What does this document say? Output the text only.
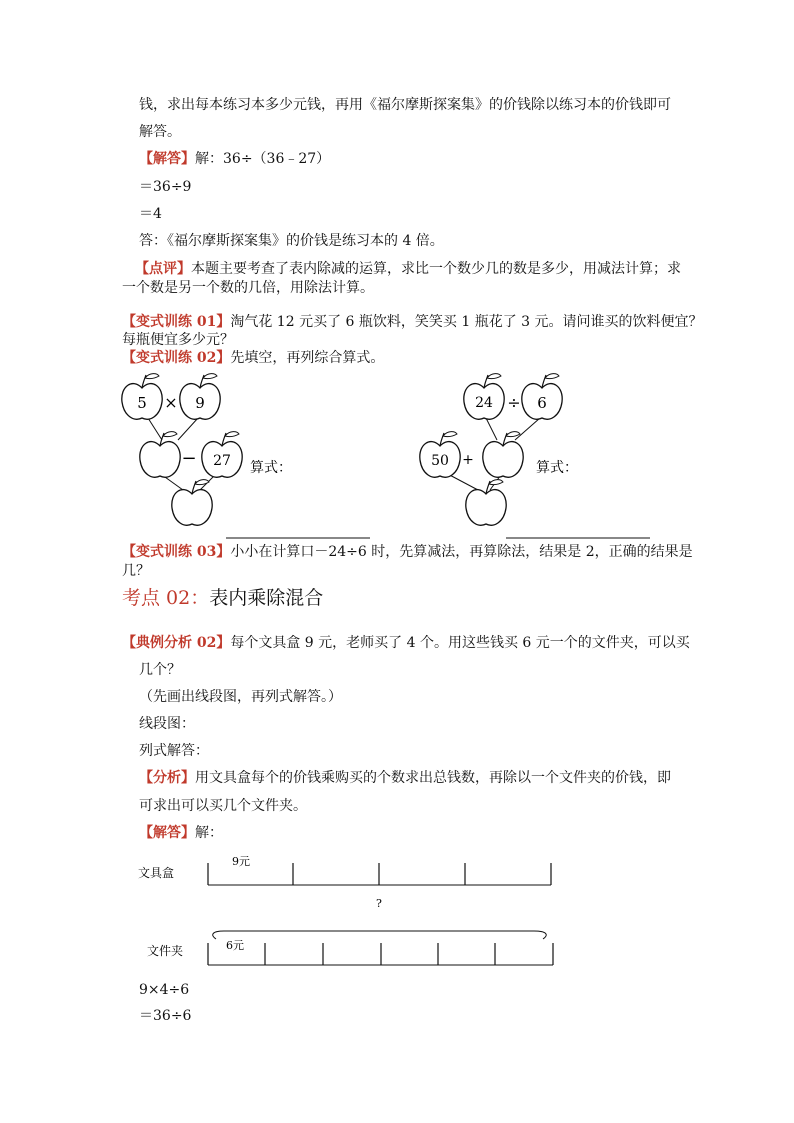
钱，求出每本练习本多少元钱，再用《福尔摩斯探案集》的价钱除以练习本的价钱即可
解答。
【解答】解：36÷（36﹣27）
＝36÷9
＝4
答：《福尔摩斯探案集》的价钱是练习本的 4 倍。
【点评】本题主要考查了表内除减的运算，求比一个数少几的数是多少，用减法计算；求
一个数是另一个数的几倍，用除法计算。
【变式训练 01】淘气花 12 元买了 6 瓶饮料，笑笑买 1 瓶花了 3 元。请问谁买的饮料便宜？
每瓶便宜多少元？
【变式训练 02】先填空，再列综合算式。
5 × 9
− 27 算式：
24 ÷ 6
50 +	算式：
【变式训练 03】小小在计算口－24÷6 时，先算减法，再算除法，结果是 2，正确的结果是
几？
考点 02：表内乘除混合
【典例分析 02】每个文具盒 9 元，老师买了 4 个。用这些钱买 6 元一个的文件夹，可以买
几个？
（先画出线段图，再列式解答。）
线段图：
列式解答：
【分析】用文具盒每个的价钱乘购买的个数求出总钱数，再除以一个文件夹的价钱，即
可求出可以买几个文件夹。
【解答】解：
文具盒
9元
?
文件夹	6元
9×4÷6
＝36÷6
